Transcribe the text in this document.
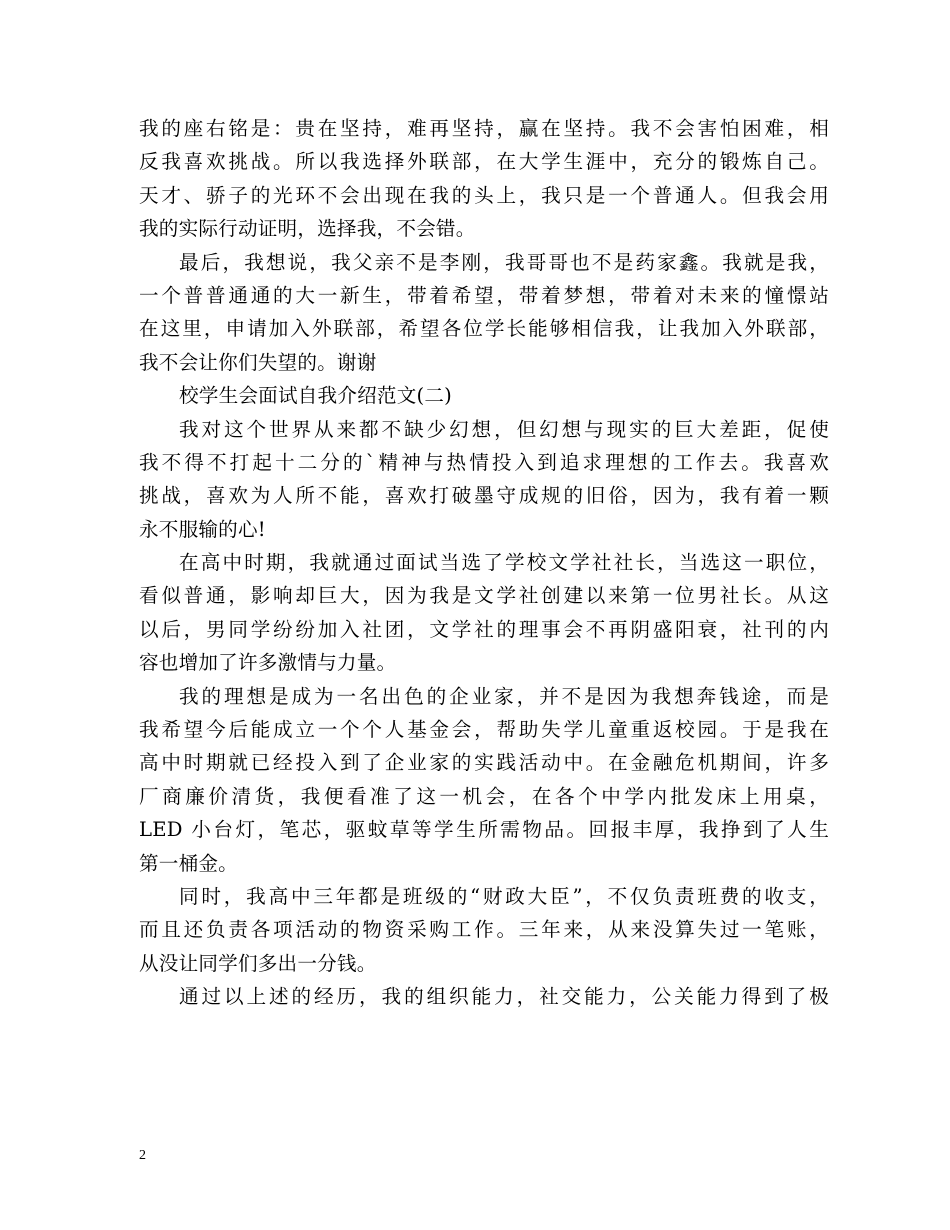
我的座右铭是：贵在坚持，难再坚持，赢在坚持。我不会害怕困难，相
反我喜欢挑战。所以我选择外联部，在大学生涯中，充分的锻炼自己。
天才、骄子的光环不会出现在我的头上，我只是一个普通人。但我会用
我的实际行动证明，选择我，不会错。
最后，我想说，我父亲不是李刚，我哥哥也不是药家鑫。我就是我，
一个普普通通的大一新生，带着希望，带着梦想，带着对未来的憧憬站
在这里，申请加入外联部，希望各位学长能够相信我，让我加入外联部，
我不会让你们失望的。谢谢
校学生会面试自我介绍范文(二)
我对这个世界从来都不缺少幻想，但幻想与现实的巨大差距，促使
我不得不打起十二分的`精神与热情投入到追求理想的工作去。我喜欢
挑战，喜欢为人所不能，喜欢打破墨守成规的旧俗，因为，我有着一颗
永不服输的心!
在高中时期，我就通过面试当选了学校文学社社长，当选这一职位，
看似普通，影响却巨大，因为我是文学社创建以来第一位男社长。从这
以后，男同学纷纷加入社团，文学社的理事会不再阴盛阳衰，社刊的内
容也增加了许多激情与力量。
我的理想是成为一名出色的企业家，并不是因为我想奔钱途，而是
我希望今后能成立一个个人基金会，帮助失学儿童重返校园。于是我在
高中时期就已经投入到了企业家的实践活动中。在金融危机期间，许多
厂商廉价清货，我便看准了这一机会，在各个中学内批发床上用桌，
LED 小台灯，笔芯，驱蚊草等学生所需物品。回报丰厚，我挣到了人生
第一桶金。
同时，我高中三年都是班级的“财政大臣”，不仅负责班费的收支，
而且还负责各项活动的物资采购工作。三年来，从来没算失过一笔账，
从没让同学们多出一分钱。
通过以上述的经历，我的组织能力，社交能力，公关能力得到了极
2
